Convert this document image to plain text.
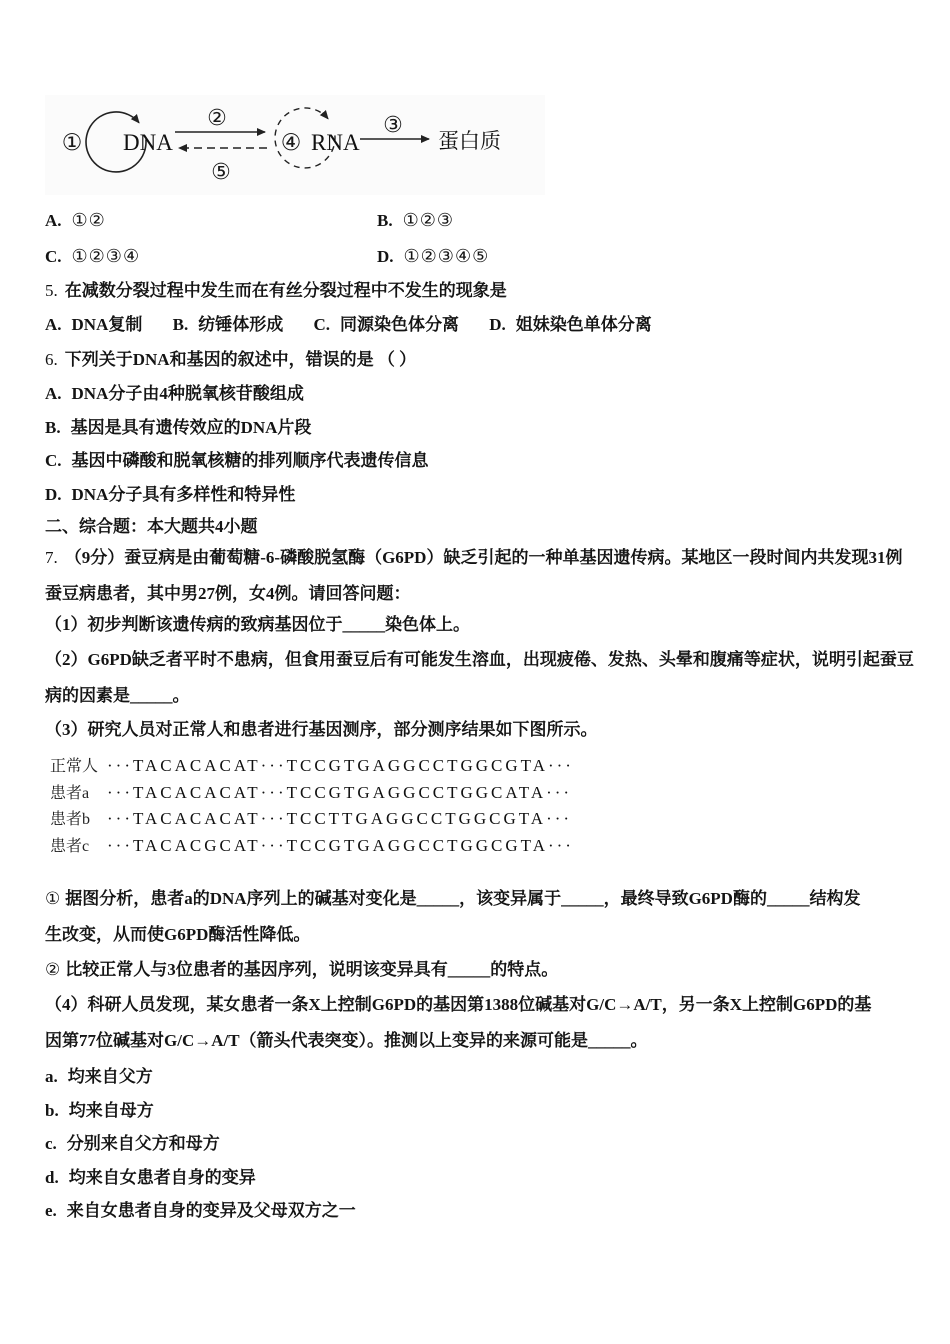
① DNA
②
⑤
④ RNA
③
蛋白质
A. ①②	B. ①②③
C. ①②③④	D. ①②③④⑤
5. 在减数分裂过程中发生而在有丝分裂过程中不发生的现象是
A. DNA复制 B. 纺锤体形成 C. 同源染色体分离 D. 姐妹染色单体分离
6. 下列关于DNA和基因的叙述中，错误的是 （ ）
A. DNA分子由4种脱氧核苷酸组成
B. 基因是具有遗传效应的DNA片段
C. 基因中磷酸和脱氧核糖的排列顺序代表遗传信息
D. DNA分子具有多样性和特异性
二、综合题：本大题共4小题
7. （9分）蚕豆病是由葡萄糖-6-磷酸脱氢酶（G6PD）缺乏引起的一种单基因遗传病。某地区一段时间内共发现31例
蚕豆病患者，其中男27例，女4例。请回答问题：
（1）初步判断该遗传病的致病基因位于_____染色体上。
（2）G6PD缺乏者平时不患病，但食用蚕豆后有可能发生溶血，出现疲倦、发热、头晕和腹痛等症状，说明引起蚕豆
病的因素是_____。
（3）研究人员对正常人和患者进行基因测序，部分测序结果如下图所示。
正常人 ···TACACACAT···TCCGTGAGGCCTGGCGTA···
患者a ···TACACACAT···TCCGTGAGGCCTGGCATA···
患者b ···TACACACAT···TCCTTGAGGCCTGGCGTA···
患者c ···TACACGCAT···TCCGTGAGGCCTGGCGTA···
① 据图分析，患者a的DNA序列上的碱基对变化是_____，该变异属于_____，最终导致G6PD酶的_____结构发
生改变，从而使G6PD酶活性降低。
② 比较正常人与3位患者的基因序列，说明该变异具有_____的特点。
（4）科研人员发现，某女患者一条X上控制G6PD的基因第1388位碱基对G/C→A/T，另一条X上控制G6PD的基
因第77位碱基对G/C→A/T（箭头代表突变）。推测以上变异的来源可能是_____。
a. 均来自父方
b. 均来自母方
c. 分别来自父方和母方
d. 均来自女患者自身的变异
e. 来自女患者自身的变异及父母双方之一
